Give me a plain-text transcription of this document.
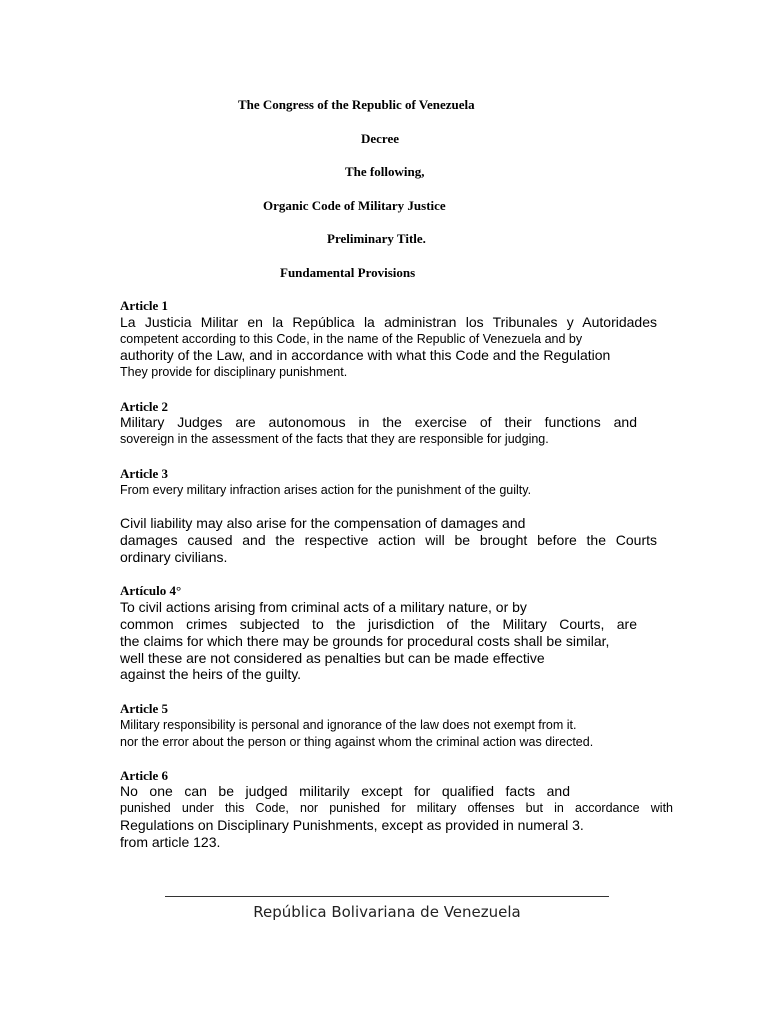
The Congress of the Republic of Venezuela
Decree
The following,
Organic Code of Military Justice
Preliminary Title.
Fundamental Provisions
Article 1
La Justicia Militar en la República la administran los Tribunales y Autoridades
competent according to this Code, in the name of the Republic of Venezuela and by
authority of the Law, and in accordance with what this Code and the Regulation
They provide for disciplinary punishment.
Article 2
Military Judges are autonomous in the exercise of their functions and
sovereign in the assessment of the facts that they are responsible for judging.
Article 3
From every military infraction arises action for the punishment of the guilty.
Civil liability may also arise for the compensation of damages and
damages caused and the respective action will be brought before the Courts
ordinary civilians.
Artículo 4°
To civil actions arising from criminal acts of a military nature, or by
common crimes subjected to the jurisdiction of the Military Courts, are
the claims for which there may be grounds for procedural costs shall be similar,
well these are not considered as penalties but can be made effective
against the heirs of the guilty.
Article 5
Military responsibility is personal and ignorance of the law does not exempt from it.
nor the error about the person or thing against whom the criminal action was directed.
Article 6
No one can be judged militarily except for qualified facts and
punished under this Code, nor punished for military offenses but in accordance with
Regulations on Disciplinary Punishments, except as provided in numeral 3.
from article 123.
República Bolivariana de Venezuela
